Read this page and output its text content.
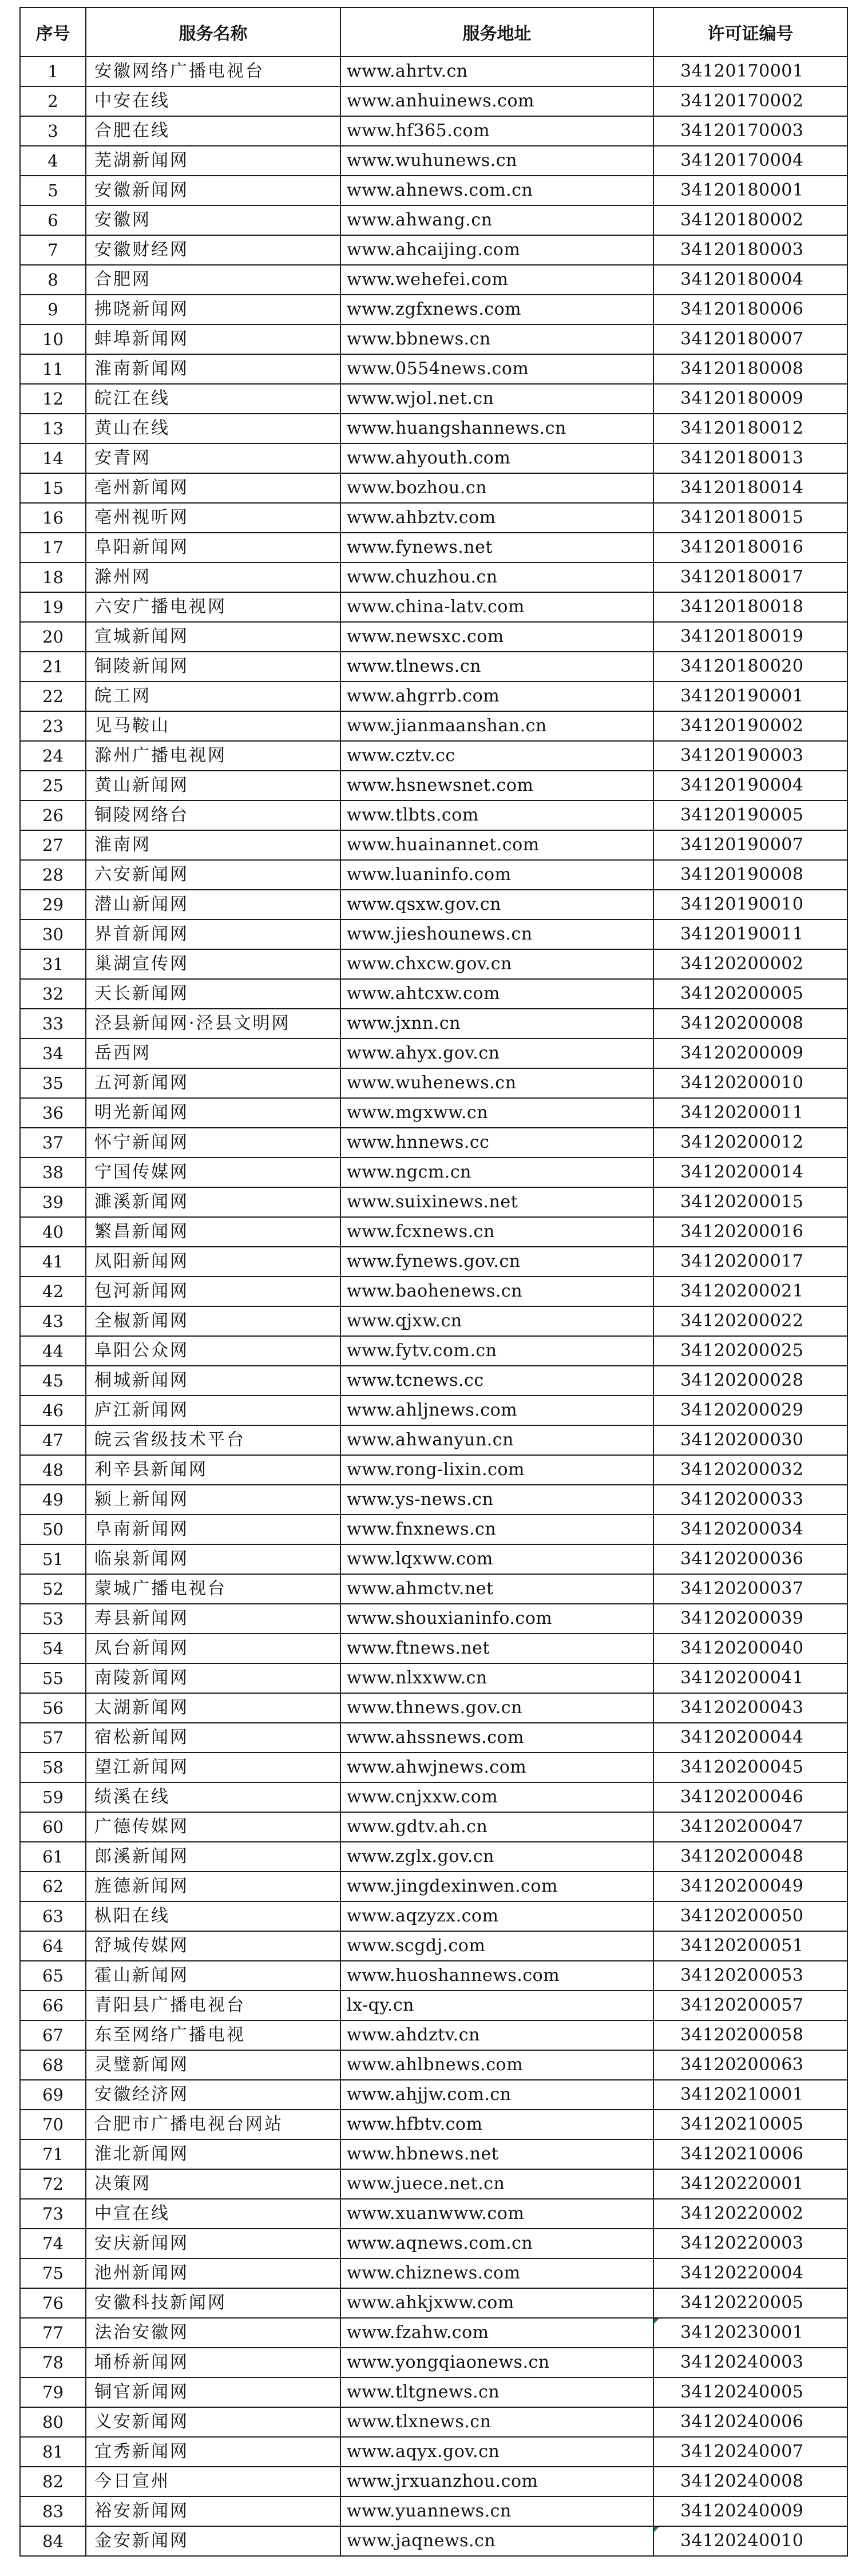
序号	服务名称	服务地址	许可证编号
1	安徽网络广播电视台	www.ahrtv.cn	34120170001
2	中安在线	www.anhuinews.com	34120170002
3	合肥在线	www.hf365.com	34120170003
4	芜湖新闻网	www.wuhunews.cn	34120170004
5	安徽新闻网	www.ahnews.com.cn	34120180001
6	安徽网	www.ahwang.cn	34120180002
7	安徽财经网	www.ahcaijing.com	34120180003
8	合肥网	www.wehefei.com	34120180004
9	拂晓新闻网	www.zgfxnews.com	34120180006
10	蚌埠新闻网	www.bbnews.cn	34120180007
11	淮南新闻网	www.0554news.com	34120180008
12	皖江在线	www.wjol.net.cn	34120180009
13	黄山在线	www.huangshannews.cn	34120180012
14	安青网	www.ahyouth.com	34120180013
15	亳州新闻网	www.bozhou.cn	34120180014
16	亳州视听网	www.ahbztv.com	34120180015
17	阜阳新闻网	www.fynews.net	34120180016
18	滁州网	www.chuzhou.cn	34120180017
19	六安广播电视网	www.china-latv.com	34120180018
20	宣城新闻网	www.newsxc.com	34120180019
21	铜陵新闻网	www.tlnews.cn	34120180020
22	皖工网	www.ahgrrb.com	34120190001
23	见马鞍山	www.jianmaanshan.cn	34120190002
24	滁州广播电视网	www.cztv.cc	34120190003
25	黄山新闻网	www.hsnewsnet.com	34120190004
26	铜陵网络台	www.tlbts.com	34120190005
27	淮南网	www.huainannet.com	34120190007
28	六安新闻网	www.luaninfo.com	34120190008
29	潜山新闻网	www.qsxw.gov.cn	34120190010
30	界首新闻网	www.jieshounews.cn	34120190011
31	巢湖宣传网	www.chxcw.gov.cn	34120200002
32	天长新闻网	www.ahtcxw.com	34120200005
33	泾县新闻网·泾县文明网	www.jxnn.cn	34120200008
34	岳西网	www.ahyx.gov.cn	34120200009
35	五河新闻网	www.wuhenews.cn	34120200010
36	明光新闻网	www.mgxww.cn	34120200011
37	怀宁新闻网	www.hnnews.cc	34120200012
38	宁国传媒网	www.ngcm.cn	34120200014
39	濉溪新闻网	www.suixinews.net	34120200015
40	繁昌新闻网	www.fcxnews.cn	34120200016
41	凤阳新闻网	www.fynews.gov.cn	34120200017
42	包河新闻网	www.baohenews.cn	34120200021
43	全椒新闻网	www.qjxw.cn	34120200022
44	阜阳公众网	www.fytv.com.cn	34120200025
45	桐城新闻网	www.tcnews.cc	34120200028
46	庐江新闻网	www.ahljnews.com	34120200029
47	皖云省级技术平台	www.ahwanyun.cn	34120200030
48	利辛县新闻网	www.rong-lixin.com	34120200032
49	颍上新闻网	www.ys-news.cn	34120200033
50	阜南新闻网	www.fnxnews.cn	34120200034
51	临泉新闻网	www.lqxww.com	34120200036
52	蒙城广播电视台	www.ahmctv.net	34120200037
53	寿县新闻网	www.shouxianinfo.com	34120200039
54	凤台新闻网	www.ftnews.net	34120200040
55	南陵新闻网	www.nlxxww.cn	34120200041
56	太湖新闻网	www.thnews.gov.cn	34120200043
57	宿松新闻网	www.ahssnews.com	34120200044
58	望江新闻网	www.ahwjnews.com	34120200045
59	绩溪在线	www.cnjxxw.com	34120200046
60	广德传媒网	www.gdtv.ah.cn	34120200047
61	郎溪新闻网	www.zglx.gov.cn	34120200048
62	旌德新闻网	www.jingdexinwen.com	34120200049
63	枞阳在线	www.aqzyzx.com	34120200050
64	舒城传媒网	www.scgdj.com	34120200051
65	霍山新闻网	www.huoshannews.com	34120200053
66	青阳县广播电视台	lx-qy.cn	34120200057
67	东至网络广播电视	www.ahdztv.cn	34120200058
68	灵璧新闻网	www.ahlbnews.com	34120200063
69	安徽经济网	www.ahjjw.com.cn	34120210001
70	合肥市广播电视台网站	www.hfbtv.com	34120210005
71	淮北新闻网	www.hbnews.net	34120210006
72	决策网	www.juece.net.cn	34120220001
73	中宣在线	www.xuanwww.com	34120220002
74	安庆新闻网	www.aqnews.com.cn	34120220003
75	池州新闻网	www.chiznews.com	34120220004
76	安徽科技新闻网	www.ahkjxww.com	34120220005
77	法治安徽网	www.fzahw.com	34120230001
78	埇桥新闻网	www.yongqiaonews.cn	34120240003
79	铜官新闻网	www.tltgnews.cn	34120240005
80	义安新闻网	www.tlxnews.cn	34120240006
81	宜秀新闻网	www.aqyx.gov.cn	34120240007
82	今日宣州	www.jrxuanzhou.com	34120240008
83	裕安新闻网	www.yuannews.cn	34120240009
84	金安新闻网	www.jaqnews.cn	34120240010
